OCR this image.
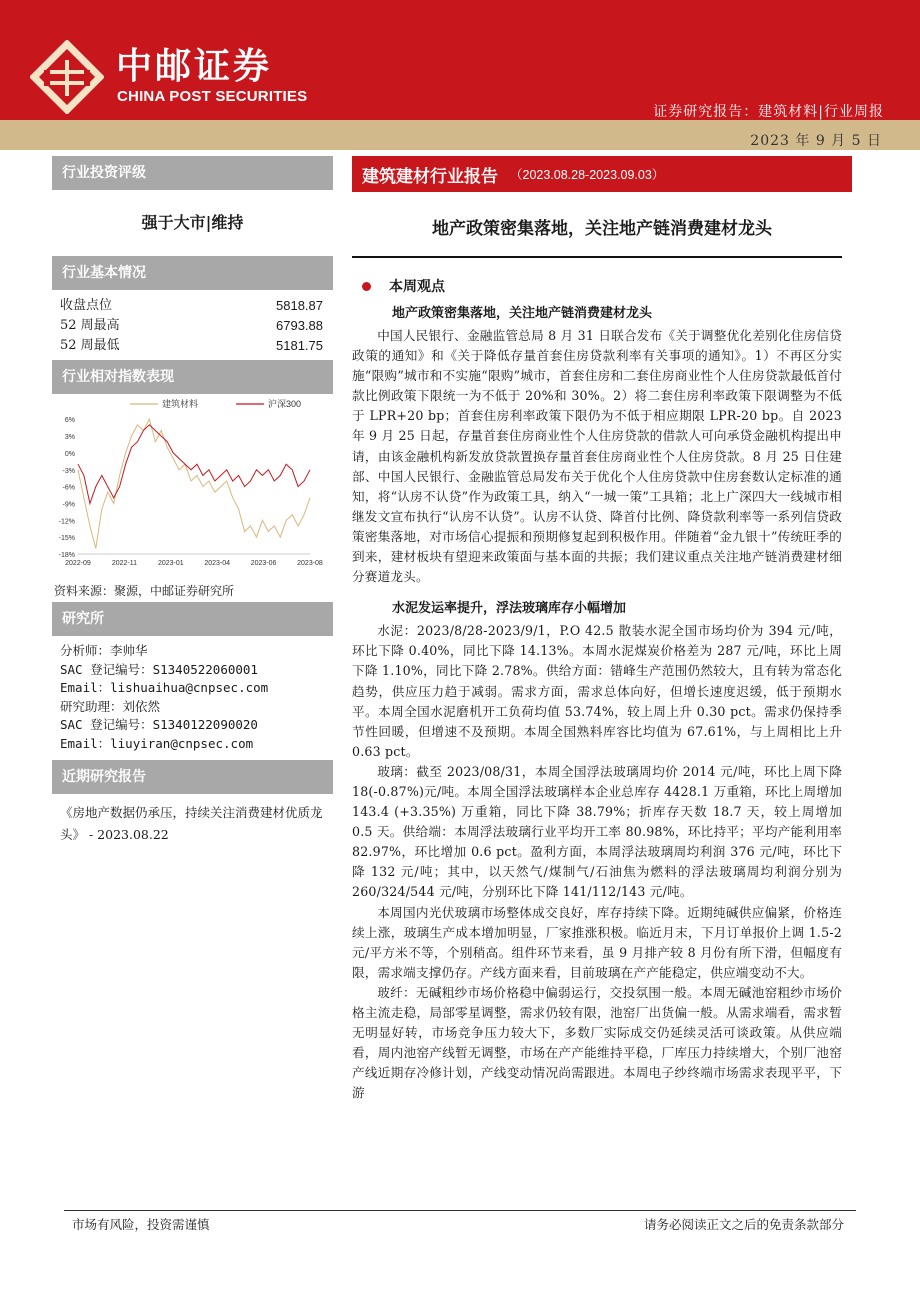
中邮证券
CHINA POST SECURITIES
证券研究报告：建筑材料|行业周报
2023 年 9 月 5 日
行业投资评级
强于大市|维持
行业基本情况
收盘点位	5818.87
52 周最高	6793.88
52 周最低	5181.75
行业相对指数表现
建筑材料	沪深300
6%
3%
0%
-3%
-6%
-9%
-12%
-15%
-18%
2022-09	2022-11	2023-01	2023-04	2023-06	2023-08
资料来源：聚源，中邮证券研究所
研究所
分析师：李帅华
SAC 登记编号：S1340522060001
Email：lishuaihua@cnpsec.com
研究助理：刘依然
SAC 登记编号：S1340122090020
Email：liuyiran@cnpsec.com
近期研究报告
《房地产数据仍承压，持续关注消费建材优质龙头》 - 2023.08.22
建筑建材行业报告 （2023.08.28-2023.09.03）
地产政策密集落地，关注地产链消费建材龙头
本周观点
地产政策密集落地，关注地产链消费建材龙头

中国人民银行、金融监管总局 8 月 31 日联合发布《关于调整优化差别化住房信贷政策的通知》和《关于降低存量首套住房贷款利率有关事项的通知》。1）不再区分实施“限购”城市和不实施“限购”城市，首套住房和二套住房商业性个人住房贷款最低首付款比例政策下限统一为不低于 20%和 30%。2）将二套住房利率政策下限调整为不低于 LPR+20 bp；首套住房利率政策下限仍为不低于相应期限 LPR-20 bp。自 2023 年 9 月 25 日起，存量首套住房商业性个人住房贷款的借款人可向承贷金融机构提出申请，由该金融机构新发放贷款置换存量首套住房商业性个人住房贷款。8 月 25 日住建部、中国人民银行、金融监管总局发布关于优化个人住房贷款中住房套数认定标准的通知，将“认房不认贷”作为政策工具，纳入“一城一策”工具箱；北上广深四大一线城市相继发文宣布执行“认房不认贷”。认房不认贷、降首付比例、降贷款利率等一系列信贷政策密集落地，对市场信心提振和预期修复起到积极作用。伴随着“金九银十”传统旺季的到来，建材板块有望迎来政策面与基本面的共振；我们建议重点关注地产链消费建材细分赛道龙头。

水泥发运率提升，浮法玻璃库存小幅增加

水泥：2023/8/28-2023/9/1，P.O 42.5 散装水泥全国市场均价为 394 元/吨，环比下降 0.40%，同比下降 14.13%。本周水泥煤炭价格差为 287 元/吨，环比上周下降 1.10%，同比下降 2.78%。供给方面：错峰生产范围仍然较大，且有转为常态化趋势，供应压力趋于减弱。需求方面，需求总体向好，但增长速度迟缓，低于预期水平。本周全国水泥磨机开工负荷均值 53.74%，较上周上升 0.30 pct。需求仍保持季节性回暖，但增速不及预期。本周全国熟料库容比均值为 67.61%，与上周相比上升 0.63 pct。

玻璃：截至 2023/08/31，本周全国浮法玻璃周均价 2014 元/吨，环比上周下降 18(-0.87%)元/吨。本周全国浮法玻璃样本企业总库存 4428.1 万重箱，环比上周增加 143.4 (+3.35%) 万重箱，同比下降 38.79%；折库存天数 18.7 天，较上周增加 0.5 天。供给端：本周浮法玻璃行业平均开工率 80.98%，环比持平；平均产能利用率 82.97%，环比增加 0.6 pct。盈利方面，本周浮法玻璃周均利润 376 元/吨，环比下降 132 元/吨；其中，以天然气/煤制气/石油焦为燃料的浮法玻璃周均利润分别为 260/324/544 元/吨，分别环比下降 141/112/143 元/吨。

本周国内光伏玻璃市场整体成交良好，库存持续下降。近期纯碱供应偏紧，价格连续上涨，玻璃生产成本增加明显，厂家推涨积极。临近月末，下月订单报价上调 1.5-2 元/平方米不等，个别稍高。组件环节来看，虽 9 月排产较 8 月份有所下滑，但幅度有限，需求端支撑仍存。产线方面来看，目前玻璃在产产能稳定，供应端变动不大。

玻纤：无碱粗纱市场价格稳中偏弱运行，交投氛围一般。本周无碱池窑粗纱市场价格主流走稳，局部零星调整，需求仍较有限，池窑厂出货偏一般。从需求端看，需求暂无明显好转，市场竞争压力较大下，多数厂实际成交仍延续灵活可谈政策。从供应端看，周内池窑产线暂无调整，市场在产产能维持平稳，厂库压力持续增大，个别厂池窑产线近期存冷修计划，产线变动情况尚需跟进。本周电子纱终端市场需求表现平平，下游

市场有风险，投资需谨慎	请务必阅读正文之后的免责条款部分
